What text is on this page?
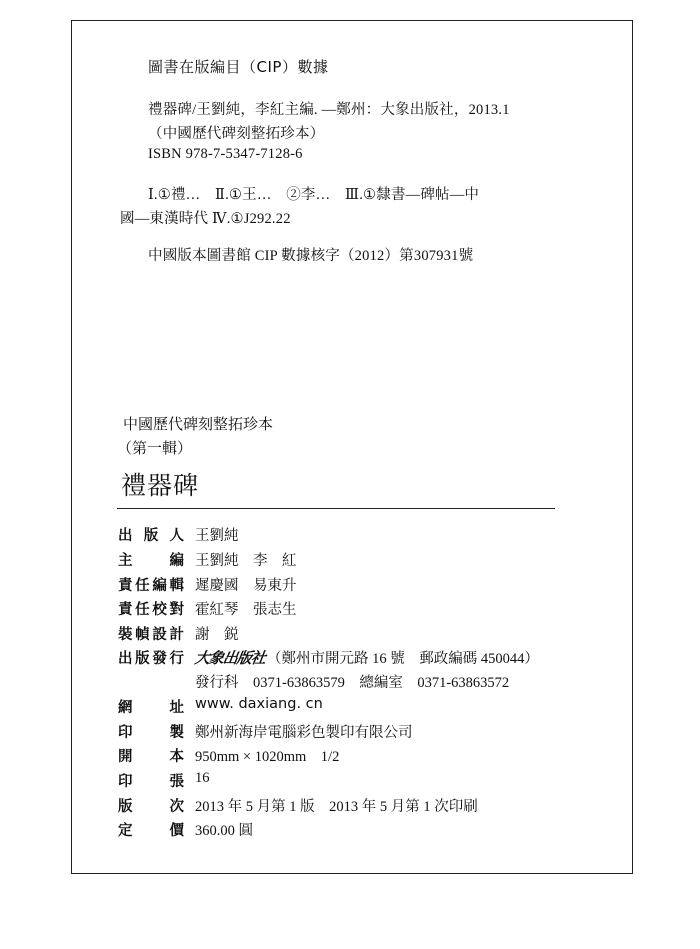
圖書在版編目（CIP）數據
禮器碑/王劉純，李紅主編. —鄭州：大象出版社，2013.1
（中國歷代碑刻整拓珍本）
ISBN 978-7-5347-7128-6
Ⅰ.①禮…　Ⅱ.①王…　②李…　Ⅲ.①隸書—碑帖—中
國—東漢時代 Ⅳ.①J292.22
中國版本圖書館 CIP 數據核字（2012）第307931號
中國歷代碑刻整拓珍本
（第一輯）
禮器碑
出版人 王劉純
主編 王劉純　李　紅
責任編輯 遲慶國　易東升
責任校對 霍紅琴　張志生
裝幀設計 謝　鋭
出版發行 大象出版社（鄭州市開元路 16 號　郵政編碼 450044）
發行科　0371-63863579　總編室　0371-63863572
網址 www. daxiang. cn
印製 鄭州新海岸電腦彩色製印有限公司
開本 950mm × 1020mm　1/2
印張 16
版次 2013 年 5 月第 1 版　2013 年 5 月第 1 次印刷
定價 360.00 圓
